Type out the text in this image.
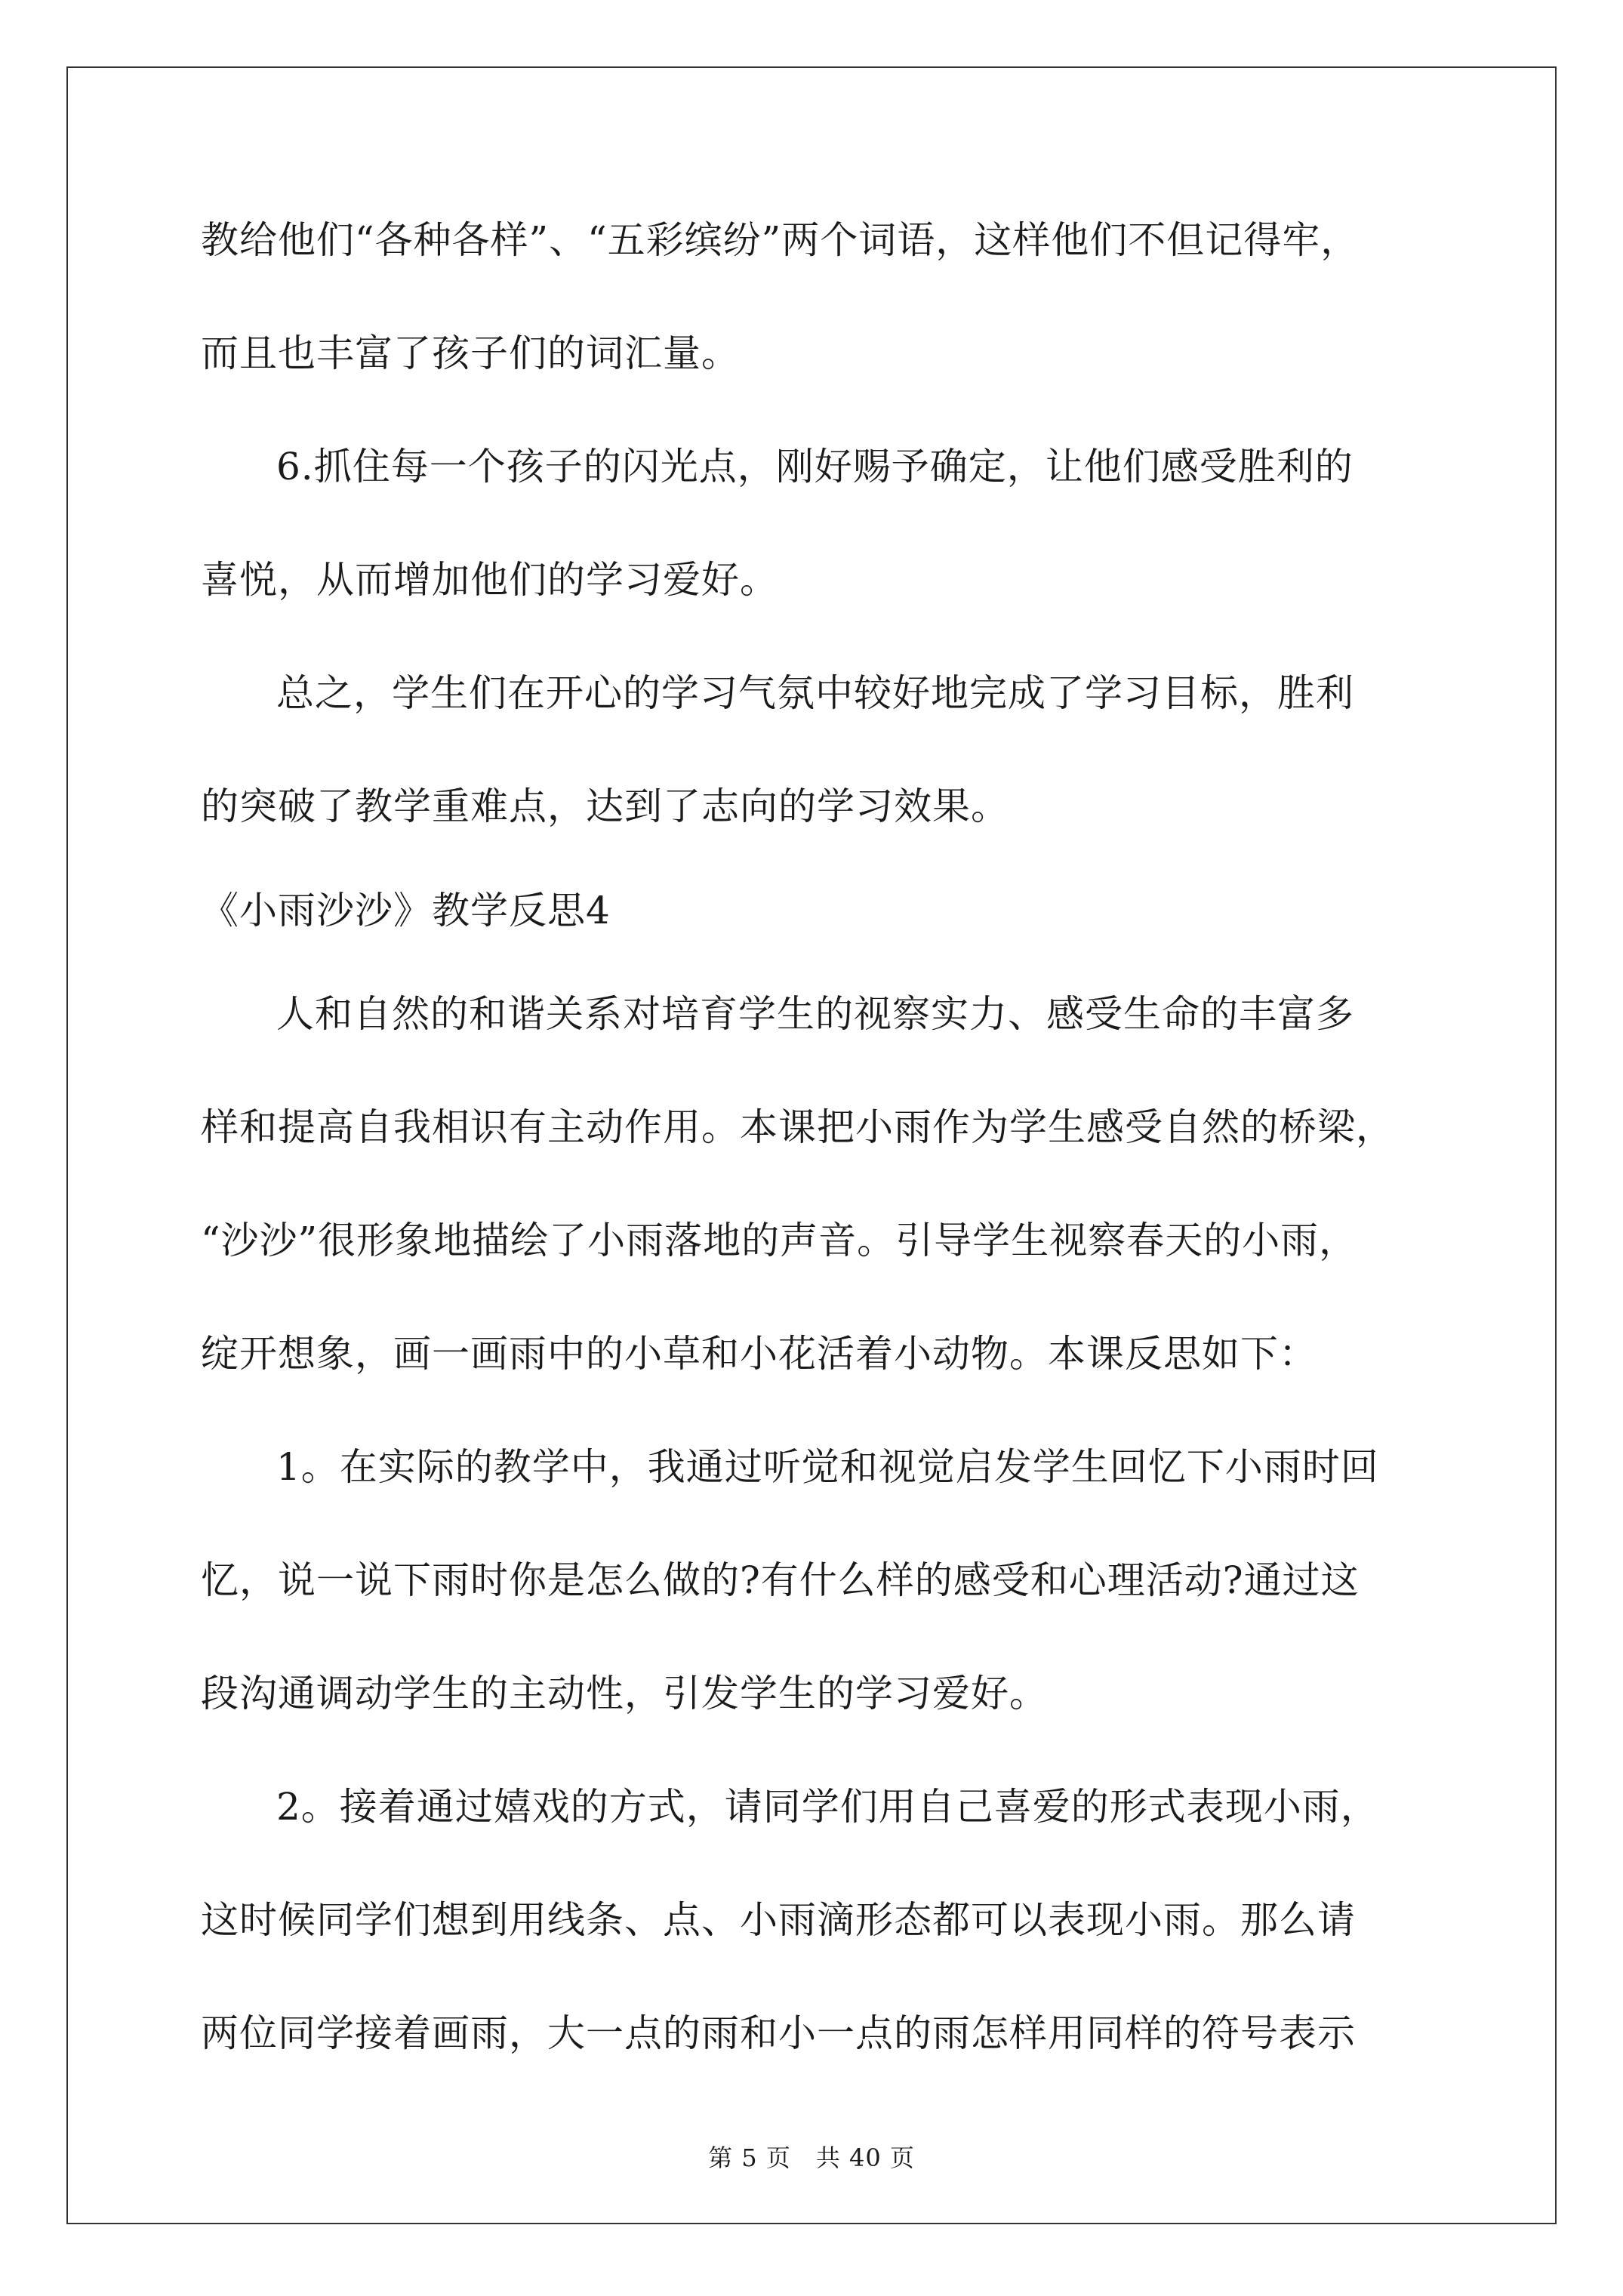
教给他们“各种各样”、“五彩缤纷”两个词语，这样他们不但记得牢，
而且也丰富了孩子们的词汇量。
6.抓住每一个孩子的闪光点，刚好赐予确定，让他们感受胜利的
喜悦，从而增加他们的学习爱好。
总之，学生们在开心的学习气氛中较好地完成了学习目标，胜利
的突破了教学重难点，达到了志向的学习效果。
《小雨沙沙》教学反思4
人和自然的和谐关系对培育学生的视察实力、感受生命的丰富多
样和提高自我相识有主动作用。本课把小雨作为学生感受自然的桥梁，
“沙沙”很形象地描绘了小雨落地的声音。引导学生视察春天的小雨，
绽开想象，画一画雨中的小草和小花活着小动物。本课反思如下：
1。在实际的教学中，我通过听觉和视觉启发学生回忆下小雨时回
忆，说一说下雨时你是怎么做的?有什么样的感受和心理活动?通过这
段沟通调动学生的主动性，引发学生的学习爱好。
2。接着通过嬉戏的方式，请同学们用自己喜爱的形式表现小雨，
这时候同学们想到用线条、点、小雨滴形态都可以表现小雨。那么请
两位同学接着画雨，大一点的雨和小一点的雨怎样用同样的符号表示
第 5 页　共 40 页
